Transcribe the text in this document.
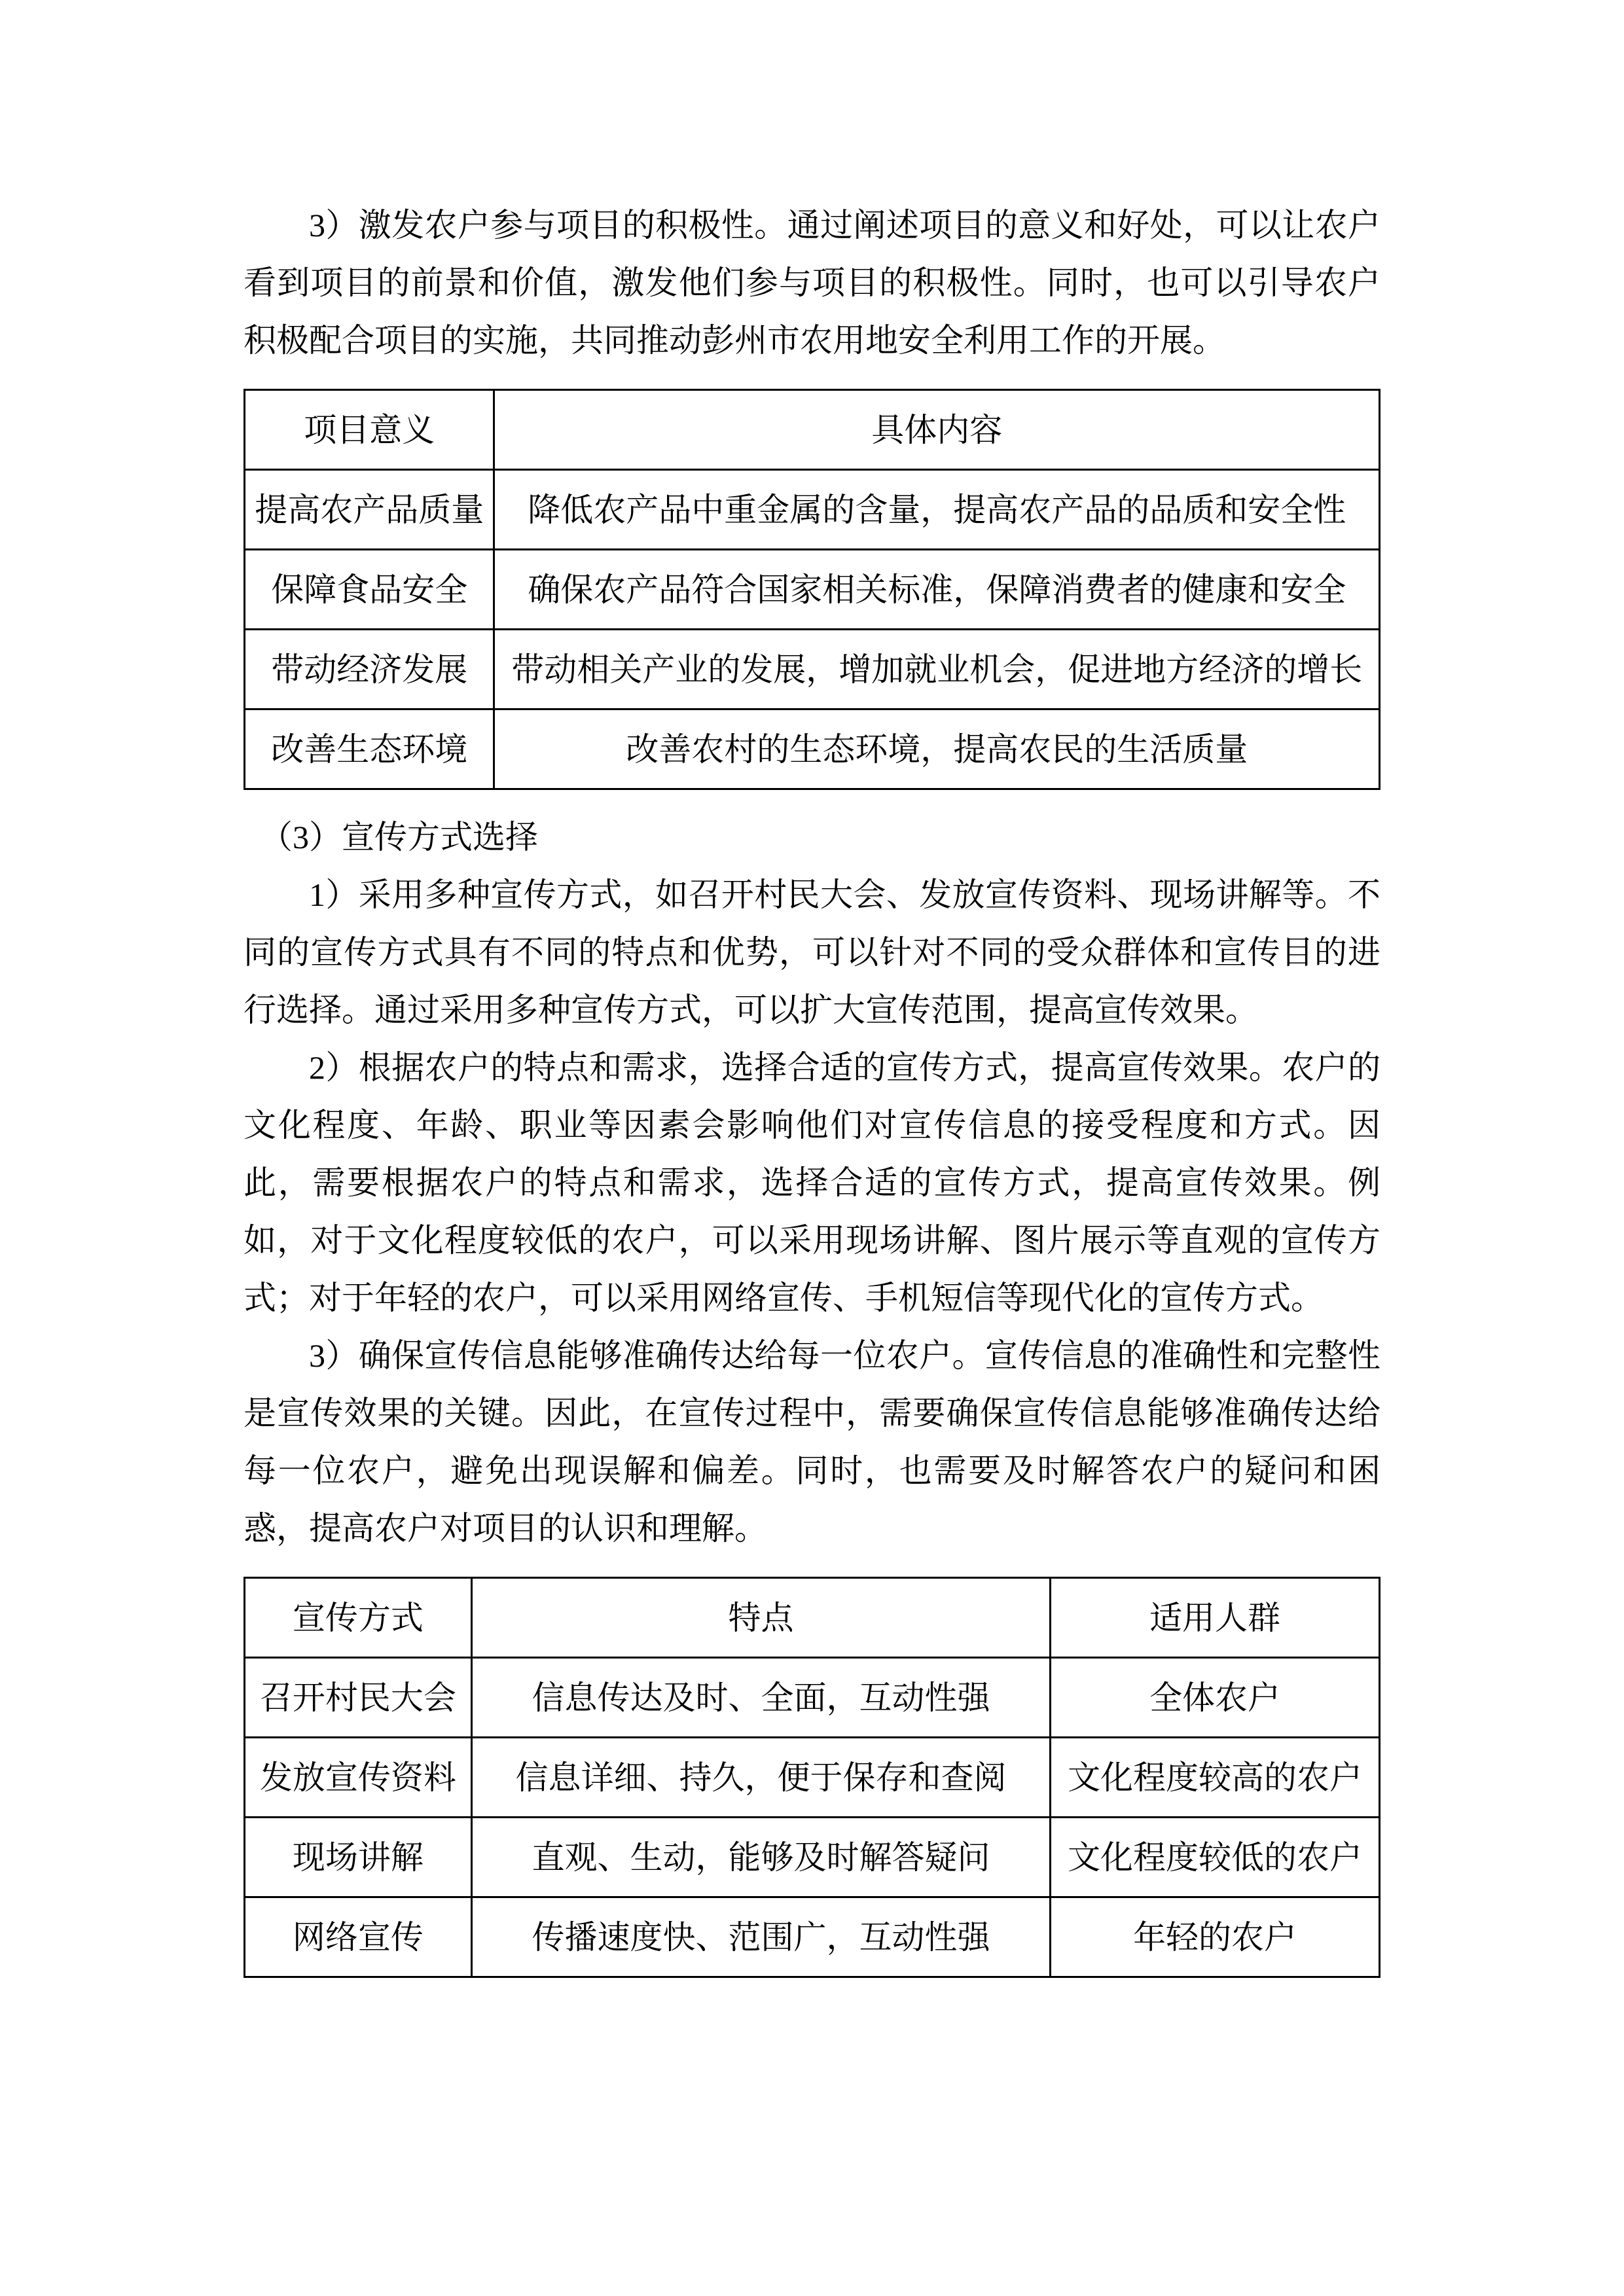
3）激发农户参与项目的积极性。通过阐述项目的意义和好处，可以让农户看到项目的前景和价值，激发他们参与项目的积极性。同时，也可以引导农户积极配合项目的实施，共同推动彭州市农用地安全利用工作的开展。

项目意义	具体内容
提高农产品质量	降低农产品中重金属的含量，提高农产品的品质和安全性
保障食品安全	确保农产品符合国家相关标准，保障消费者的健康和安全
带动经济发展	带动相关产业的发展，增加就业机会，促进地方经济的增长
改善生态环境	改善农村的生态环境，提高农民的生活质量

（3）宣传方式选择

1）采用多种宣传方式，如召开村民大会、发放宣传资料、现场讲解等。不同的宣传方式具有不同的特点和优势，可以针对不同的受众群体和宣传目的进行选择。通过采用多种宣传方式，可以扩大宣传范围，提高宣传效果。

2）根据农户的特点和需求，选择合适的宣传方式，提高宣传效果。农户的文化程度、年龄、职业等因素会影响他们对宣传信息的接受程度和方式。因此，需要根据农户的特点和需求，选择合适的宣传方式，提高宣传效果。例如，对于文化程度较低的农户，可以采用现场讲解、图片展示等直观的宣传方式；对于年轻的农户，可以采用网络宣传、手机短信等现代化的宣传方式。

3）确保宣传信息能够准确传达给每一位农户。宣传信息的准确性和完整性是宣传效果的关键。因此，在宣传过程中，需要确保宣传信息能够准确传达给每一位农户，避免出现误解和偏差。同时，也需要及时解答农户的疑问和困惑，提高农户对项目的认识和理解。

宣传方式	特点	适用人群
召开村民大会	信息传达及时、全面，互动性强	全体农户
发放宣传资料	信息详细、持久，便于保存和查阅	文化程度较高的农户
现场讲解	直观、生动，能够及时解答疑问	文化程度较低的农户
网络宣传	传播速度快、范围广，互动性强	年轻的农户
